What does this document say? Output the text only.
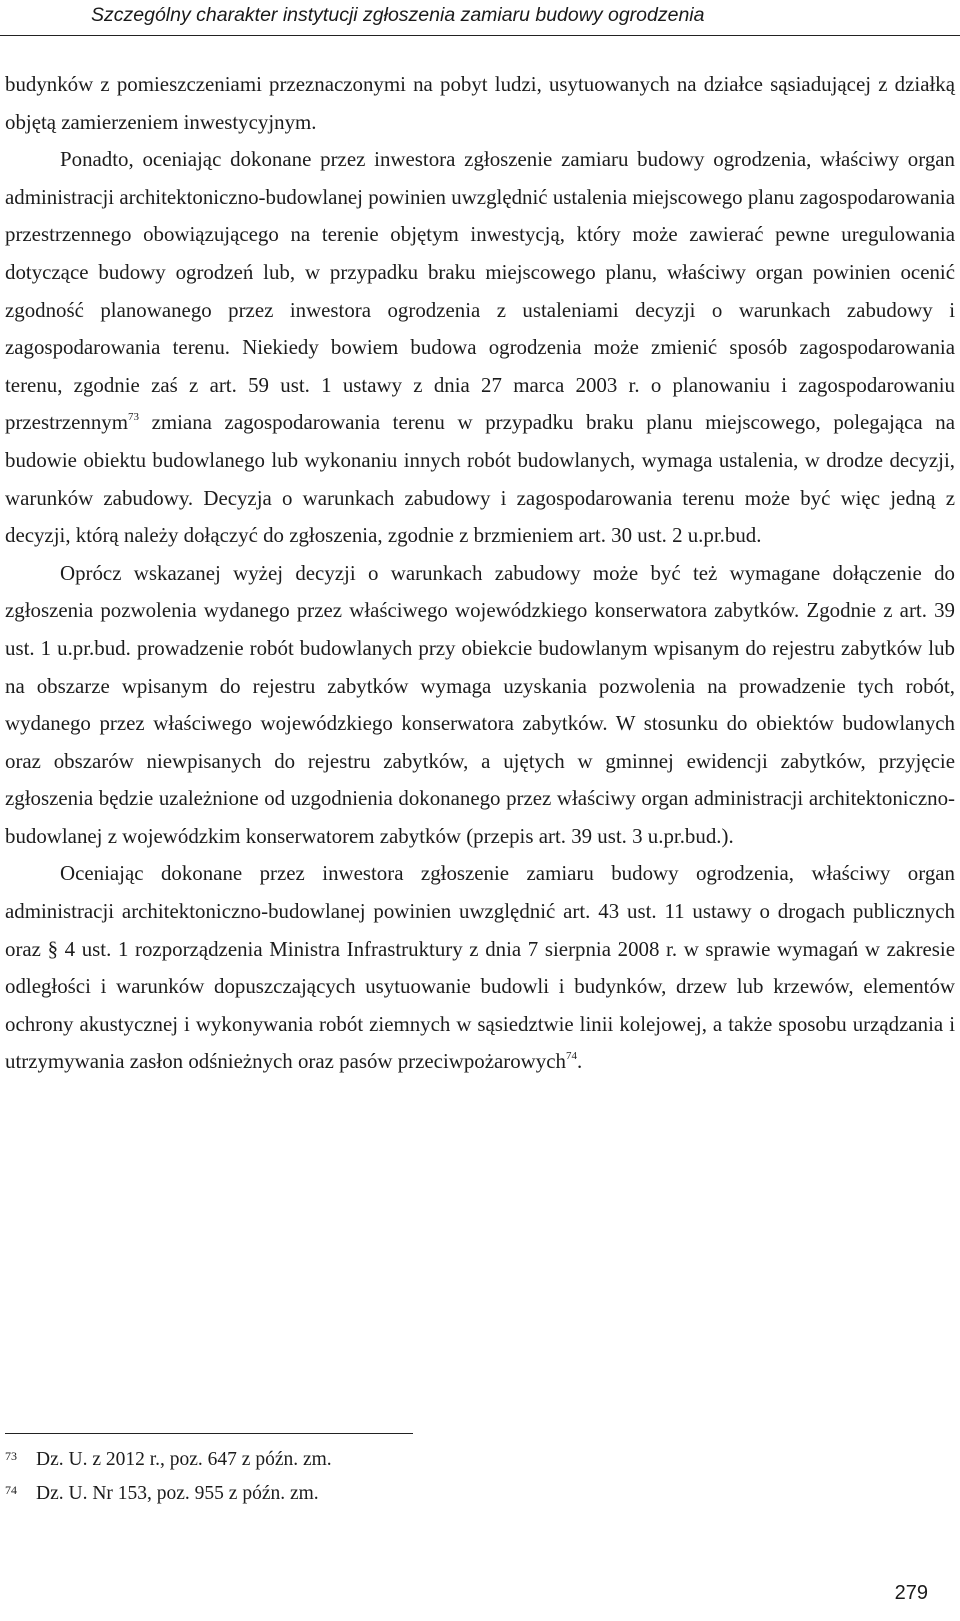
Szczególny charakter instytucji zgłoszenia zamiaru budowy ogrodzenia

budynków z pomieszczeniami przeznaczonymi na pobyt ludzi, usytuowanych na działce sąsiadującej z działką objętą zamierzeniem inwestycyjnym.

Ponadto, oceniając dokonane przez inwestora zgłoszenie zamiaru budowy ogrodzenia, właściwy organ administracji architektoniczno-budowlanej powinien uwzględnić ustalenia miejscowego planu zagospodarowania przestrzennego obowiązującego na terenie objętym inwestycją, który może zawierać pewne uregulowania dotyczące budowy ogrodzeń lub, w przypadku braku miejscowego planu, właściwy organ powinien ocenić zgodność planowanego przez inwestora ogrodzenia z ustaleniami decyzji o warunkach zabudowy i zagospodarowania terenu. Niekiedy bowiem budowa ogrodzenia może zmienić sposób zagospodarowania terenu, zgodnie zaś z art. 59 ust. 1 ustawy z dnia 27 marca 2003 r. o planowaniu i zagospodarowaniu przestrzennym$^{73}$ zmiana zagospodarowania terenu w przypadku braku planu miejscowego, polegająca na budowie obiektu budowlanego lub wykonaniu innych robót budowlanych, wymaga ustalenia, w drodze decyzji, warunków zabudowy. Decyzja o warunkach zabudowy i zagospodarowania terenu może być więc jedną z decyzji, którą należy dołączyć do zgłoszenia, zgodnie z brzmieniem art. 30 ust. 2 u.pr.bud.

Oprócz wskazanej wyżej decyzji o warunkach zabudowy może być też wymagane dołączenie do zgłoszenia pozwolenia wydanego przez właściwego wojewódzkiego konserwatora zabytków. Zgodnie z art. 39 ust. 1 u.pr.bud. prowadzenie robót budowlanych przy obiekcie budowlanym wpisanym do rejestru zabytków lub na obszarze wpisanym do rejestru zabytków wymaga uzyskania pozwolenia na prowadzenie tych robót, wydanego przez właściwego wojewódzkiego konserwatora zabytków. W stosunku do obiektów budowlanych oraz obszarów niewpisanych do rejestru zabytków, a ujętych w gminnej ewidencji zabytków, przyjęcie zgłoszenia będzie uzależnione od uzgodnienia dokonanego przez właściwy organ administracji architektoniczno-budowlanej z wojewódzkim konserwatorem zabytków (przepis art. 39 ust. 3 u.pr.bud.).

Oceniając dokonane przez inwestora zgłoszenie zamiaru budowy ogrodzenia, właściwy organ administracji architektoniczno-budowlanej powinien uwzględnić art. 43 ust. 11 ustawy o drogach publicznych oraz § 4 ust. 1 rozporządzenia Ministra Infrastruktury z dnia 7 sierpnia 2008 r. w sprawie wymagań w zakresie odległości i warunków dopuszczających usytuowanie budowli i budynków, drzew lub krzewów, elementów ochrony akustycznej i wykonywania robót ziemnych w sąsiedztwie linii kolejowej, a także sposobu urządzania i utrzymywania zasłon odśnieżnych oraz pasów przeciwpożarowych$^{74}$.

73 Dz. U. z 2012 r., poz. 647 z późn. zm.
74 Dz. U. Nr 153, poz. 955 z późn. zm.
279
